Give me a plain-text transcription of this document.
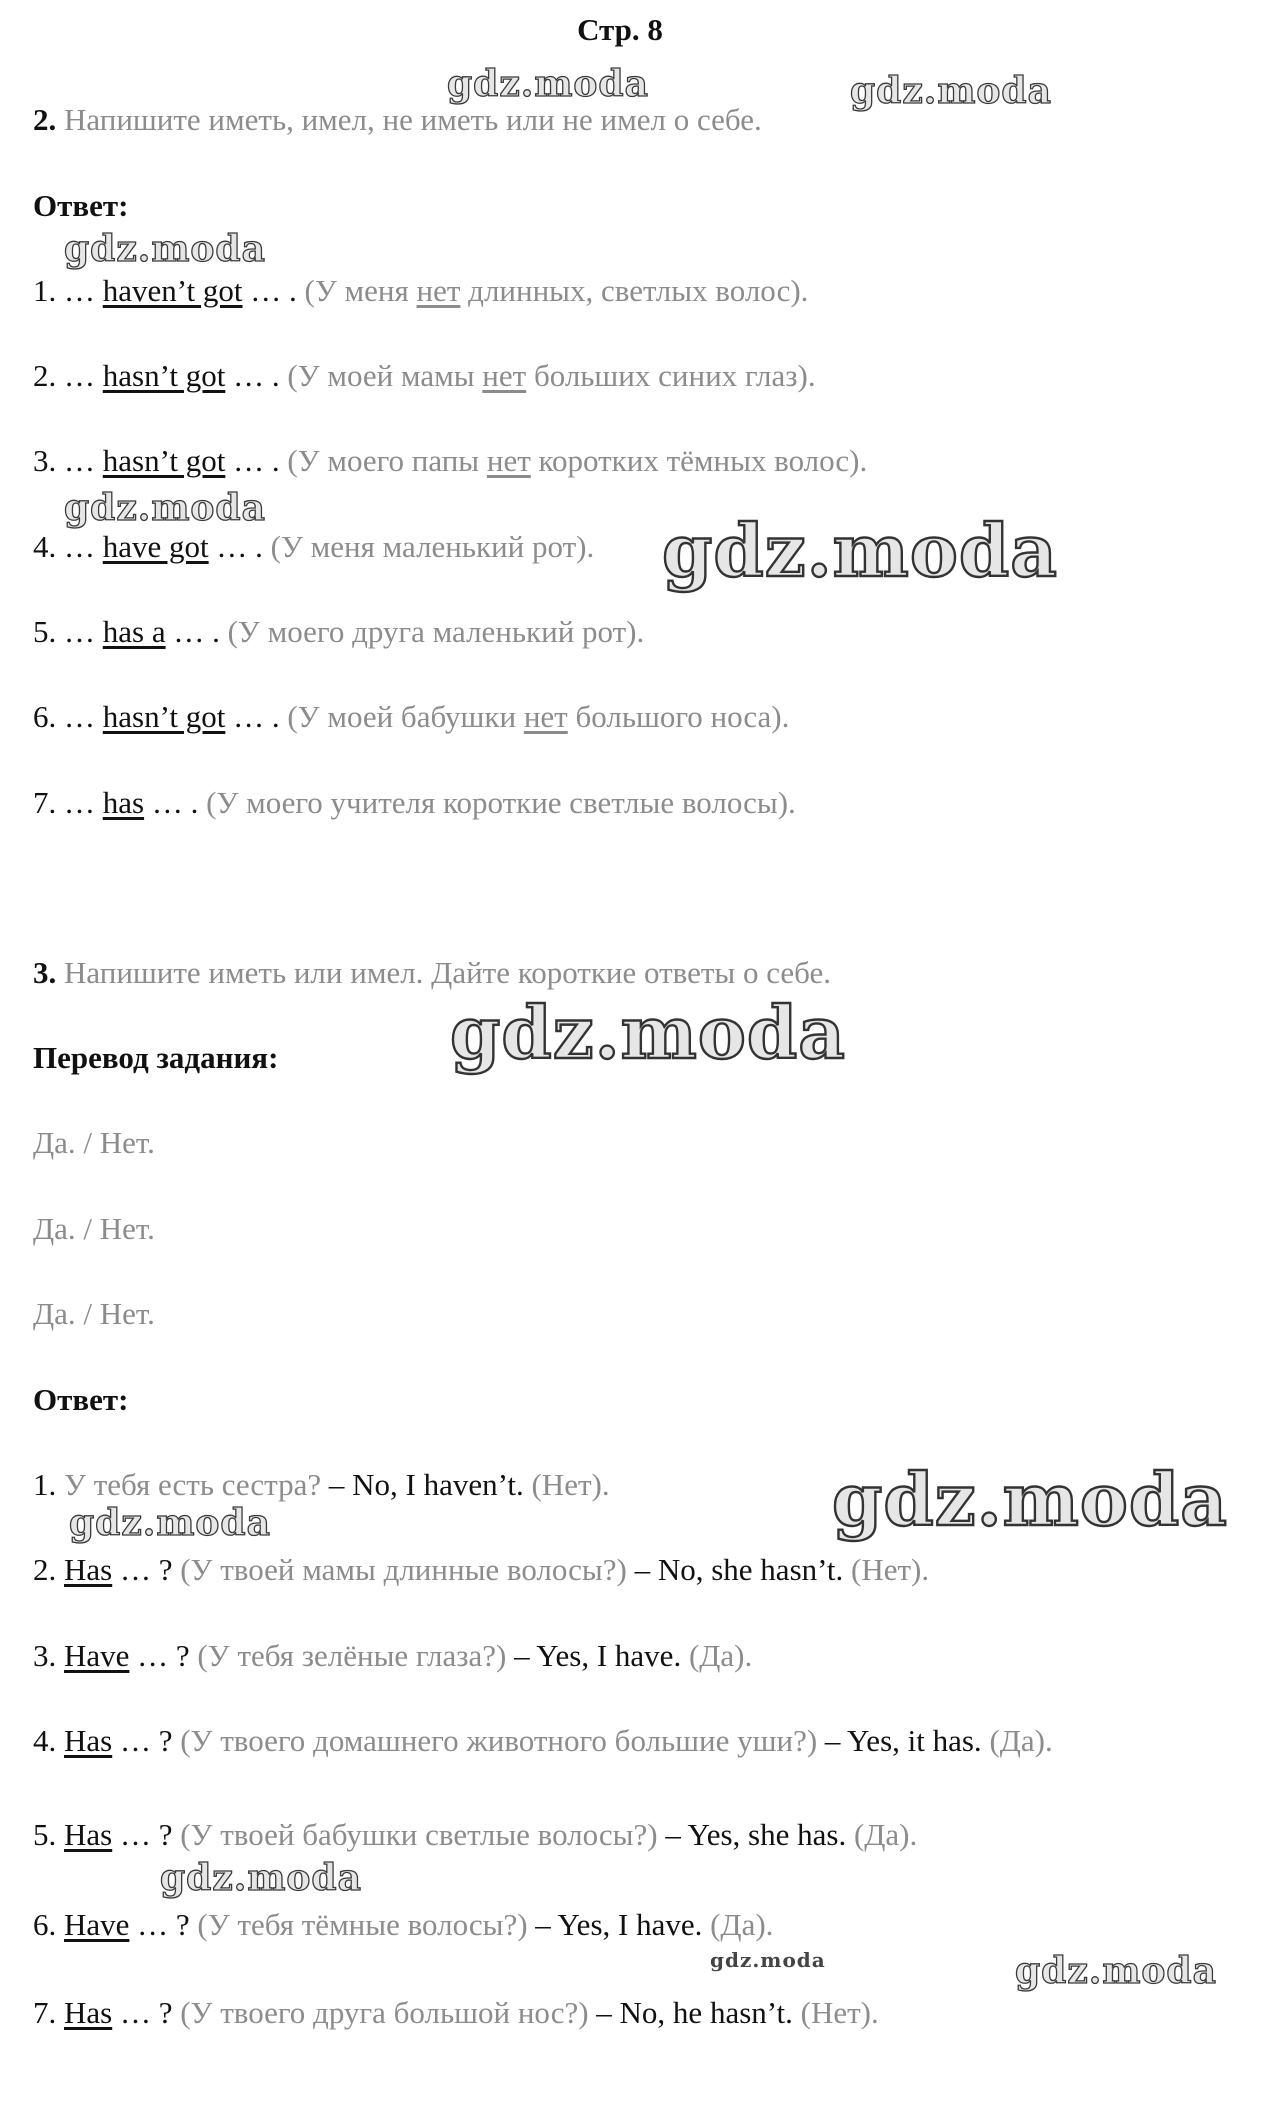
Стр. 8
2. Напишите иметь, имел, не иметь или не имел о себе.
Ответ:
1. … haven’t got … . (У меня нет длинных, светлых волос).
2. … hasn’t got … . (У моей мамы нет больших синих глаз).
3. … hasn’t got … . (У моего папы нет коротких тёмных волос).
4. … have got … . (У меня маленький рот).
5. … has a … . (У моего друга маленький рот).
6. … hasn’t got … . (У моей бабушки нет большого носа).
7. … has … . (У моего учителя короткие светлые волосы).
3. Напишите иметь или имел. Дайте короткие ответы о себе.
Перевод задания:
Да. / Нет.
Да. / Нет.
Да. / Нет.
Ответ:
1. У тебя есть сестра? – No, I haven’t. (Нет).
2. Has … ? (У твоей мамы длинные волосы?) – No, she hasn’t. (Нет).
3. Have … ? (У тебя зелёные глаза?) – Yes, I have. (Да).
4. Has … ? (У твоего домашнего животного большие уши?) – Yes, it has. (Да).
5. Has … ? (У твоей бабушки светлые волосы?) – Yes, she has. (Да).
6. Have … ? (У тебя тёмные волосы?) – Yes, I have. (Да).
7. Has … ? (У твоего друга большой нос?) – No, he hasn’t. (Нет).
gdz.moda	gdz.moda
gdz.moda
gdz.moda	gdz.moda
gdz.moda
gdz.moda
gdz.moda
gdz.moda
gdz.moda	gdz.moda
